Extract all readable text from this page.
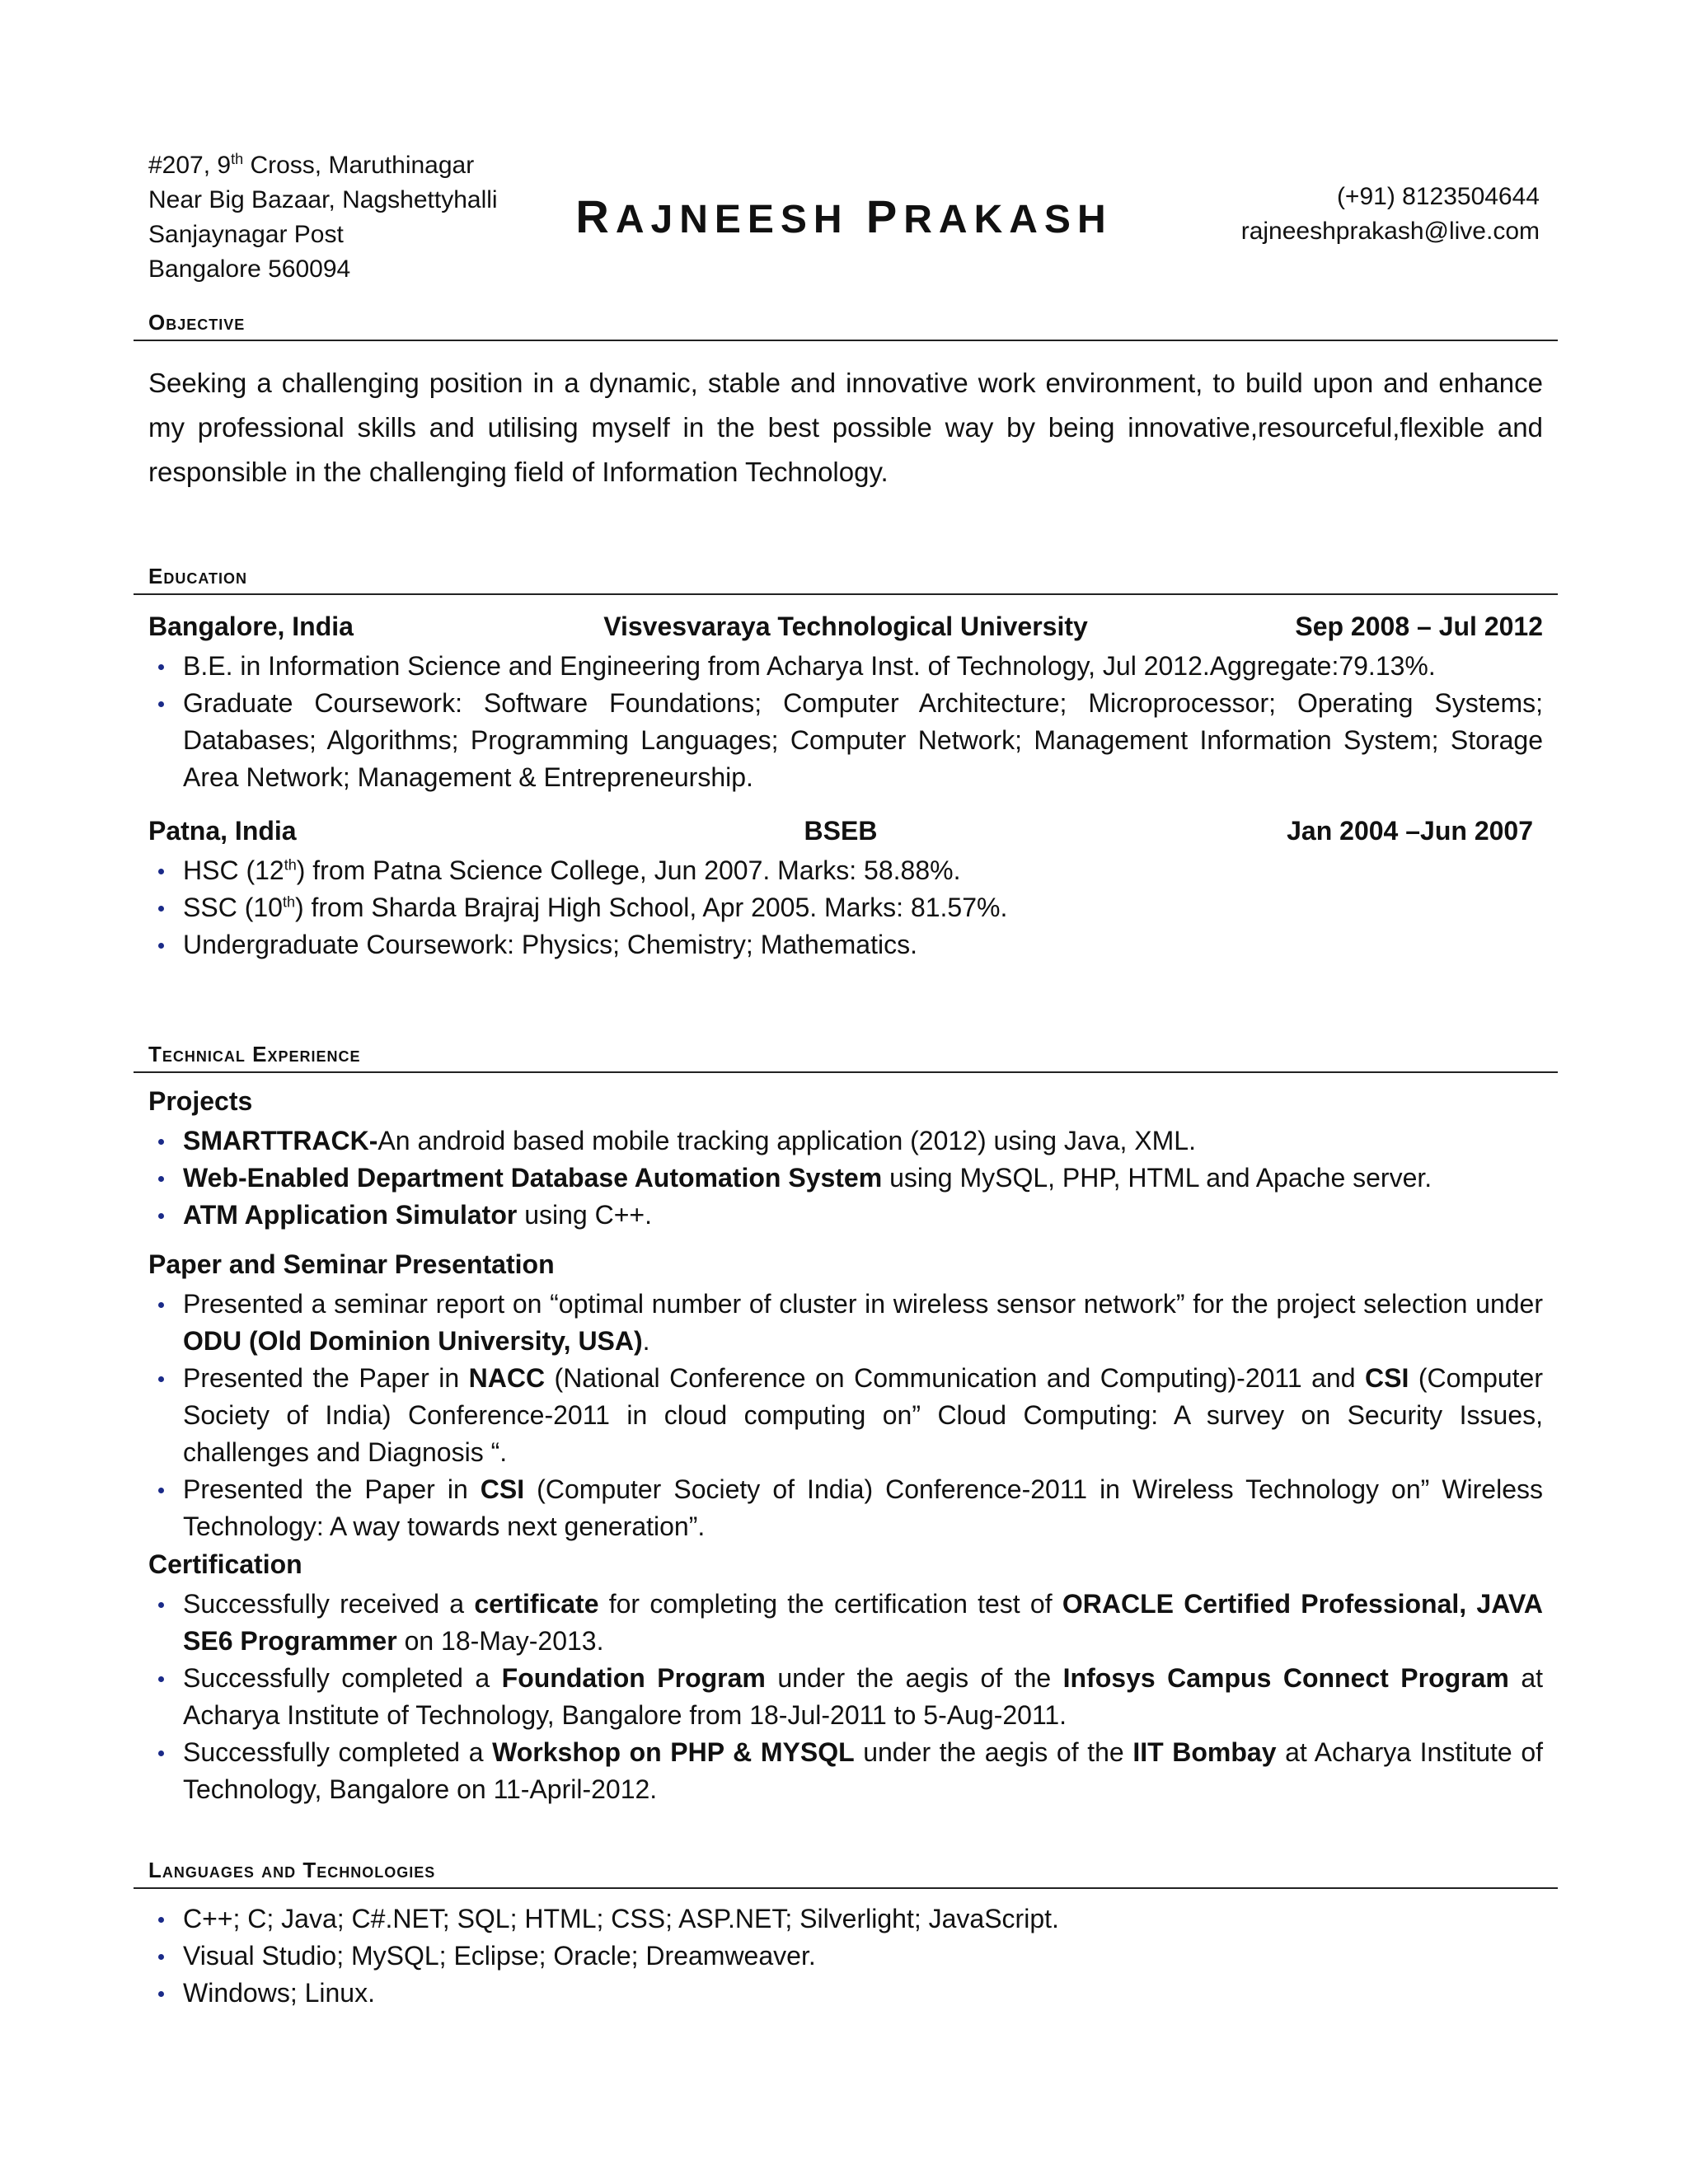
#207, 9th Cross, Maruthinagar
Near Big Bazaar, Nagshettyhalli
Sanjaynagar Post
Bangalore 560094
RAJNEESH PRAKASH
(+91) 8123504644
rajneeshprakash@live.com
Objective
Seeking a challenging position in a dynamic, stable and innovative work environment, to build upon and enhance my professional skills and utilising myself in the best possible way by being innovative,resourceful,flexible and responsible in the challenging field of Information Technology.
Education
Bangalore, India	Visvesvaraya Technological University	Sep 2008 – Jul 2012
B.E. in Information Science and Engineering from Acharya Inst. of Technology, Jul 2012.Aggregate:79.13%.
Graduate Coursework: Software Foundations; Computer Architecture; Microprocessor; Operating Systems; Databases; Algorithms; Programming Languages; Computer Network; Management Information System; Storage Area Network; Management & Entrepreneurship.
Patna, India	BSEB	Jan 2004 –Jun 2007
HSC (12th) from Patna Science College, Jun 2007. Marks: 58.88%.
SSC (10th) from Sharda Brajraj High School, Apr 2005. Marks: 81.57%.
Undergraduate Coursework: Physics; Chemistry; Mathematics.
Technical Experience
Projects
SMARTTRACK-An android based mobile tracking application (2012) using Java, XML.
Web-Enabled Department Database Automation System using MySQL, PHP, HTML and Apache server.
ATM Application Simulator using C++.
Paper and Seminar Presentation
Presented a seminar report on “optimal number of cluster in wireless sensor network” for the project selection under ODU (Old Dominion University, USA).
Presented the Paper in NACC (National Conference on Communication and Computing)-2011 and CSI (Computer Society of India) Conference-2011 in cloud computing on” Cloud Computing: A survey on Security Issues, challenges and Diagnosis “.
Presented the Paper in CSI (Computer Society of India) Conference-2011 in Wireless Technology on” Wireless Technology: A way towards next generation”.
Certification
Successfully received a certificate for completing the certification test of ORACLE Certified Professional, JAVA SE6 Programmer on 18-May-2013.
Successfully completed a Foundation Program under the aegis of the Infosys Campus Connect Program at Acharya Institute of Technology, Bangalore from 18-Jul-2011 to 5-Aug-2011.
Successfully completed a Workshop on PHP & MYSQL under the aegis of the IIT Bombay at Acharya Institute of Technology, Bangalore on 11-April-2012.
Languages and Technologies
C++; C; Java; C#.NET; SQL; HTML; CSS; ASP.NET; Silverlight; JavaScript.
Visual Studio; MySQL; Eclipse; Oracle; Dreamweaver.
Windows; Linux.
